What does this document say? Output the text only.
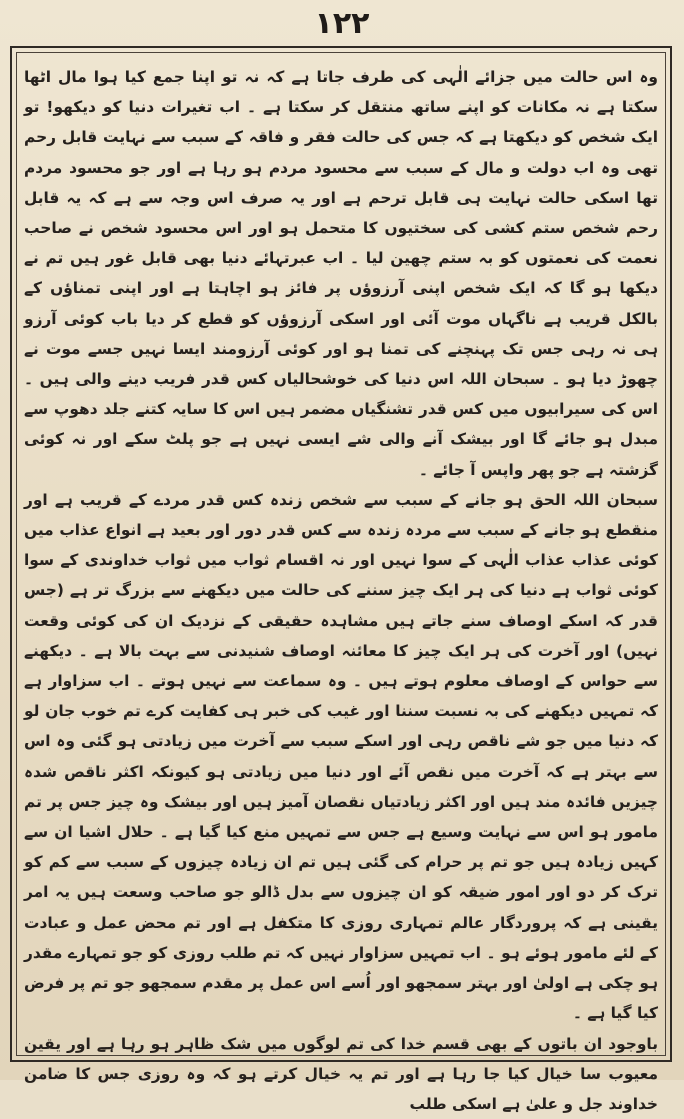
۱۲۲

وہ اس حالت میں جزائے الٰہی کی طرف جاتا ہے کہ نہ تو اپنا جمع کیا ہوا مال اٹھا سکتا ہے نہ مکانات کو اپنے ساتھ منتقل کر سکتا ہے ۔ اب تغیرات دنیا کو دیکھو! تو ایک شخص کو دیکھتا ہے کہ جس کی حالت فقر و فاقہ کے سبب سے نہایت قابل رحم تھی وہ اب دولت و مال کے سبب سے محسود مردم ہو رہا ہے اور جو محسود مردم تھا اسکی حالت نہایت ہی قابل ترحم ہے اور یہ صرف اس وجہ سے ہے کہ یہ قابل رحم شخص ستم کشی کی سختیوں کا متحمل ہو اور اس محسود شخص نے صاحب نعمت کی نعمتوں کو بہ ستم چھین لیا ۔ اب عبرتہائے دنیا بھی قابل غور ہیں تم نے دیکھا ہو گا کہ ایک شخص اپنی آرزوؤں پر فائز ہو اچاہتا ہے اور اپنی تمناؤں کے بالکل قریب ہے ناگہاں موت آئی اور اسکی آرزوؤں کو قطع کر دیا باب کوئی آرزو ہی نہ رہی جس تک پہنچنے کی تمنا ہو اور کوئی آرزومند ایسا نہیں جسے موت نے چھوڑ دیا ہو ۔ سبحان اللہ اس دنیا کی خوشحالیاں کس قدر فریب دینے والی ہیں ۔ اس کی سیرابیوں میں کس قدر تشنگیاں مضمر ہیں اس کا سایہ کتنے جلد دھوپ سے مبدل ہو جائے گا اور بیشک آنے والی شے ایسی نہیں ہے جو پلٹ سکے اور نہ کوئی گزشتہ ہے جو پھر واپس آ جائے ۔

سبحان اللہ الحق ہو جانے کے سبب سے شخص زندہ کس قدر مردے کے قریب ہے اور منقطع ہو جانے کے سبب سے مردہ زندہ سے کس قدر دور اور بعید ہے انواع عذاب میں کوئی عذاب عذاب الٰہی کے سوا نہیں اور نہ اقسام ثواب میں ثواب خداوندی کے سوا کوئی ثواب ہے دنیا کی ہر ایک چیز سننے کی حالت میں دیکھنے سے بزرگ تر ہے (جس قدر کہ اسکے اوصاف سنے جاتے ہیں مشاہدہ حقیقی کے نزدیک ان کی کوئی وقعت نہیں) اور آخرت کی ہر ایک چیز کا معائنہ اوصاف شنیدنی سے بہت بالا ہے ۔ دیکھنے سے حواس کے اوصاف معلوم ہوتے ہیں ۔ وہ سماعت سے نہیں ہوتے ۔ اب سزاوار ہے کہ تمہیں دیکھنے کی بہ نسبت سننا اور غیب کی خبر ہی کفایت کرے تم خوب جان لو کہ دنیا میں جو شے ناقص رہی اور اسکے سبب سے آخرت میں زیادتی ہو گئی وہ اس سے بہتر ہے کہ آخرت میں نقص آئے اور دنیا میں زیادتی ہو کیونکہ اکثر ناقص شدہ چیزیں فائدہ مند ہیں اور اکثر زیادتیاں نقصان آمیز ہیں اور بیشک وہ چیز جس پر تم مامور ہو اس سے نہایت وسیع ہے جس سے تمہیں منع کیا گیا ہے ۔ حلال اشیا ان سے کہیں زیادہ ہیں جو تم پر حرام کی گئی ہیں تم ان زیادہ چیزوں کے سبب سے کم کو ترک کر دو اور امور ضیقہ کو ان چیزوں سے بدل ڈالو جو صاحب وسعت ہیں یہ امر یقینی ہے کہ پروردگار عالم تمہاری روزی کا متکفل ہے اور تم محض عمل و عبادت کے لئے مامور ہوئے ہو ۔ اب تمہیں سزاوار نہیں کہ تم طلب روزی کو جو تمہارے مقدر ہو چکی ہے اولیٰ اور بہتر سمجھو اور اُسے اس عمل پر مقدم سمجھو جو تم پر فرض کیا گیا ہے ۔

باوجود ان باتوں کے بھی قسم خدا کی تم لوگوں میں شک ظاہر ہو رہا ہے اور یقین معیوب سا خیال کیا جا رہا ہے اور تم یہ خیال کرتے ہو کہ وہ روزی جس کا ضامن خداوند جل و علیٰ ہے اسکی طلب
